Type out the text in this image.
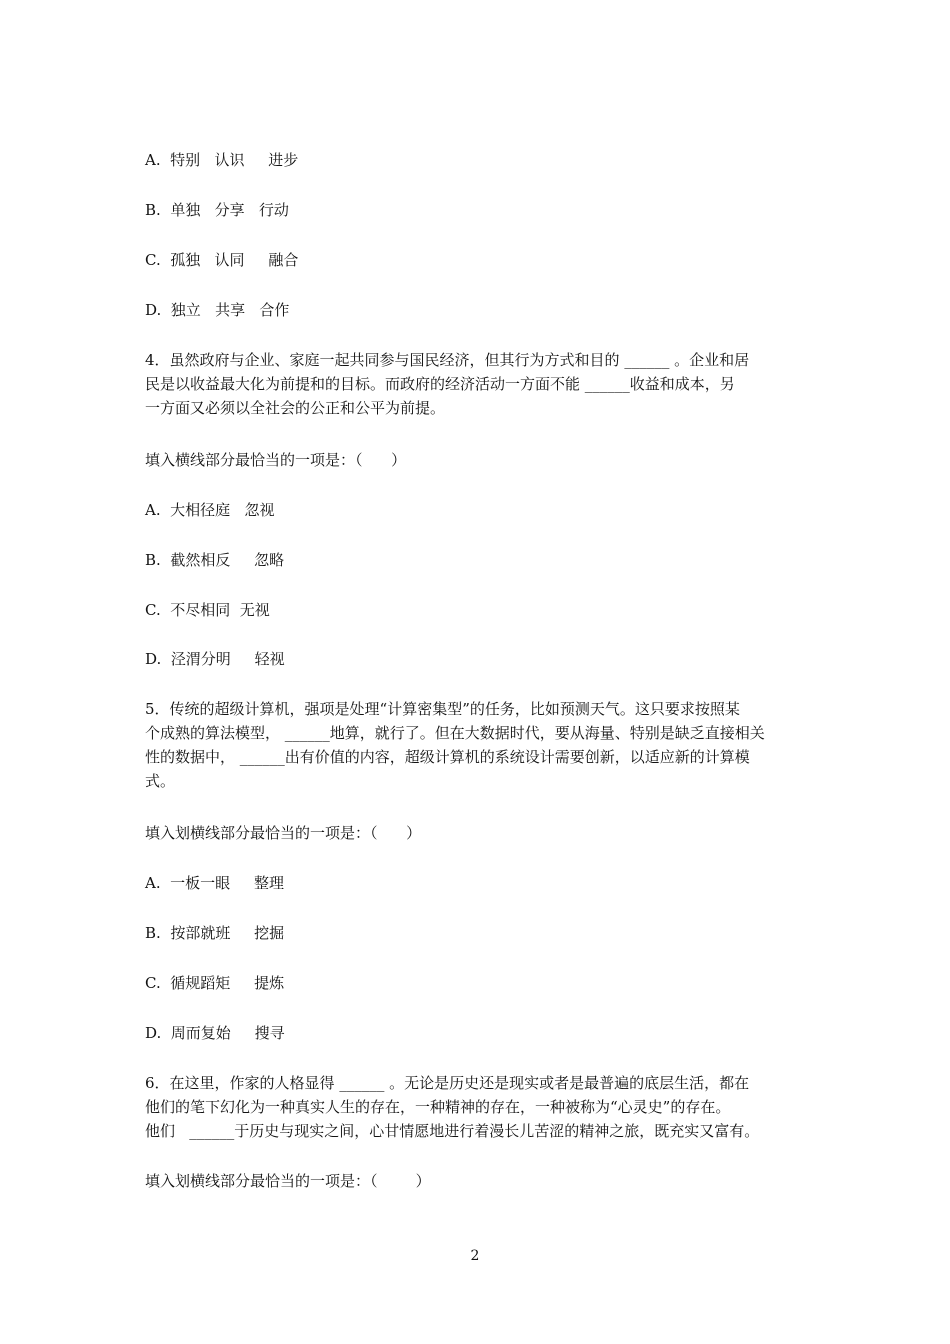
A.  特别   认识     进步
B.  单独   分享   行动
C.  孤独   认同     融合
D.  独立   共享   合作
4．虽然政府与企业、家庭一起共同参与国民经济，但其行为方式和目的 ______ 。企业和居
民是以收益最大化为前提和的目标。而政府的经济活动一方面不能 ______收益和成本，另
一方面又必须以全社会的公正和公平为前提。
填入横线部分最恰当的一项是：（      ）
A.  大相径庭   忽视
B.  截然相反     忽略
C.  不尽相同  无视
D.  泾渭分明     轻视
5．传统的超级计算机，强项是处理“计算密集型”的任务，比如预测天气。这只要求按照某
个成熟的算法模型， ______地算，就行了。但在大数据时代，要从海量、特别是缺乏直接相关
性的数据中， ______出有价值的内容，超级计算机的系统设计需要创新，以适应新的计算模
式。
填入划横线部分最恰当的一项是：（      ）
A.  一板一眼     整理
B.  按部就班     挖掘
C.  循规蹈矩     提炼
D.  周而复始     搜寻
6．在这里，作家的人格显得 ______ 。无论是历史还是现实或者是最普遍的底层生活，都在
他们的笔下幻化为一种真实人生的存在，一种精神的存在，一种被称为“心灵史”的存在。
他们   ______于历史与现实之间，心甘情愿地进行着漫长儿苦涩的精神之旅，既充实又富有。
填入划横线部分最恰当的一项是：（        ）
2
